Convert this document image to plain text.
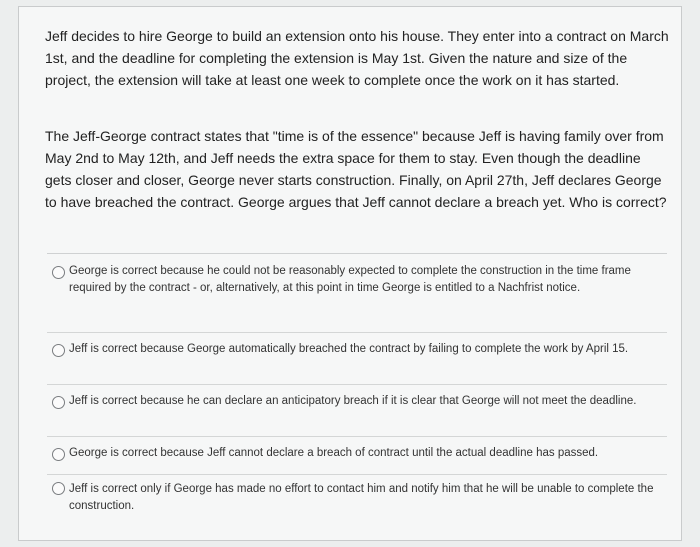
Jeff decides to hire George to build an extension onto his house. They enter into a contract on March 1st, and the deadline for completing the extension is May 1st. Given the nature and size of the project, the extension will take at least one week to complete once the work on it has started.
The Jeff-George contract states that "time is of the essence" because Jeff is having family over from May 2nd to May 12th, and Jeff needs the extra space for them to stay. Even though the deadline gets closer and closer, George never starts construction. Finally, on April 27th, Jeff declares George to have breached the contract. George argues that Jeff cannot declare a breach yet. Who is correct?
George is correct because he could not be reasonably expected to complete the construction in the time frame required by the contract - or, alternatively, at this point in time George is entitled to a Nachfrist notice.
Jeff is correct because George automatically breached the contract by failing to complete the work by April 15.
Jeff is correct because he can declare an anticipatory breach if it is clear that George will not meet the deadline.
George is correct because Jeff cannot declare a breach of contract until the actual deadline has passed.
Jeff is correct only if George has made no effort to contact him and notify him that he will be unable to complete the construction.
